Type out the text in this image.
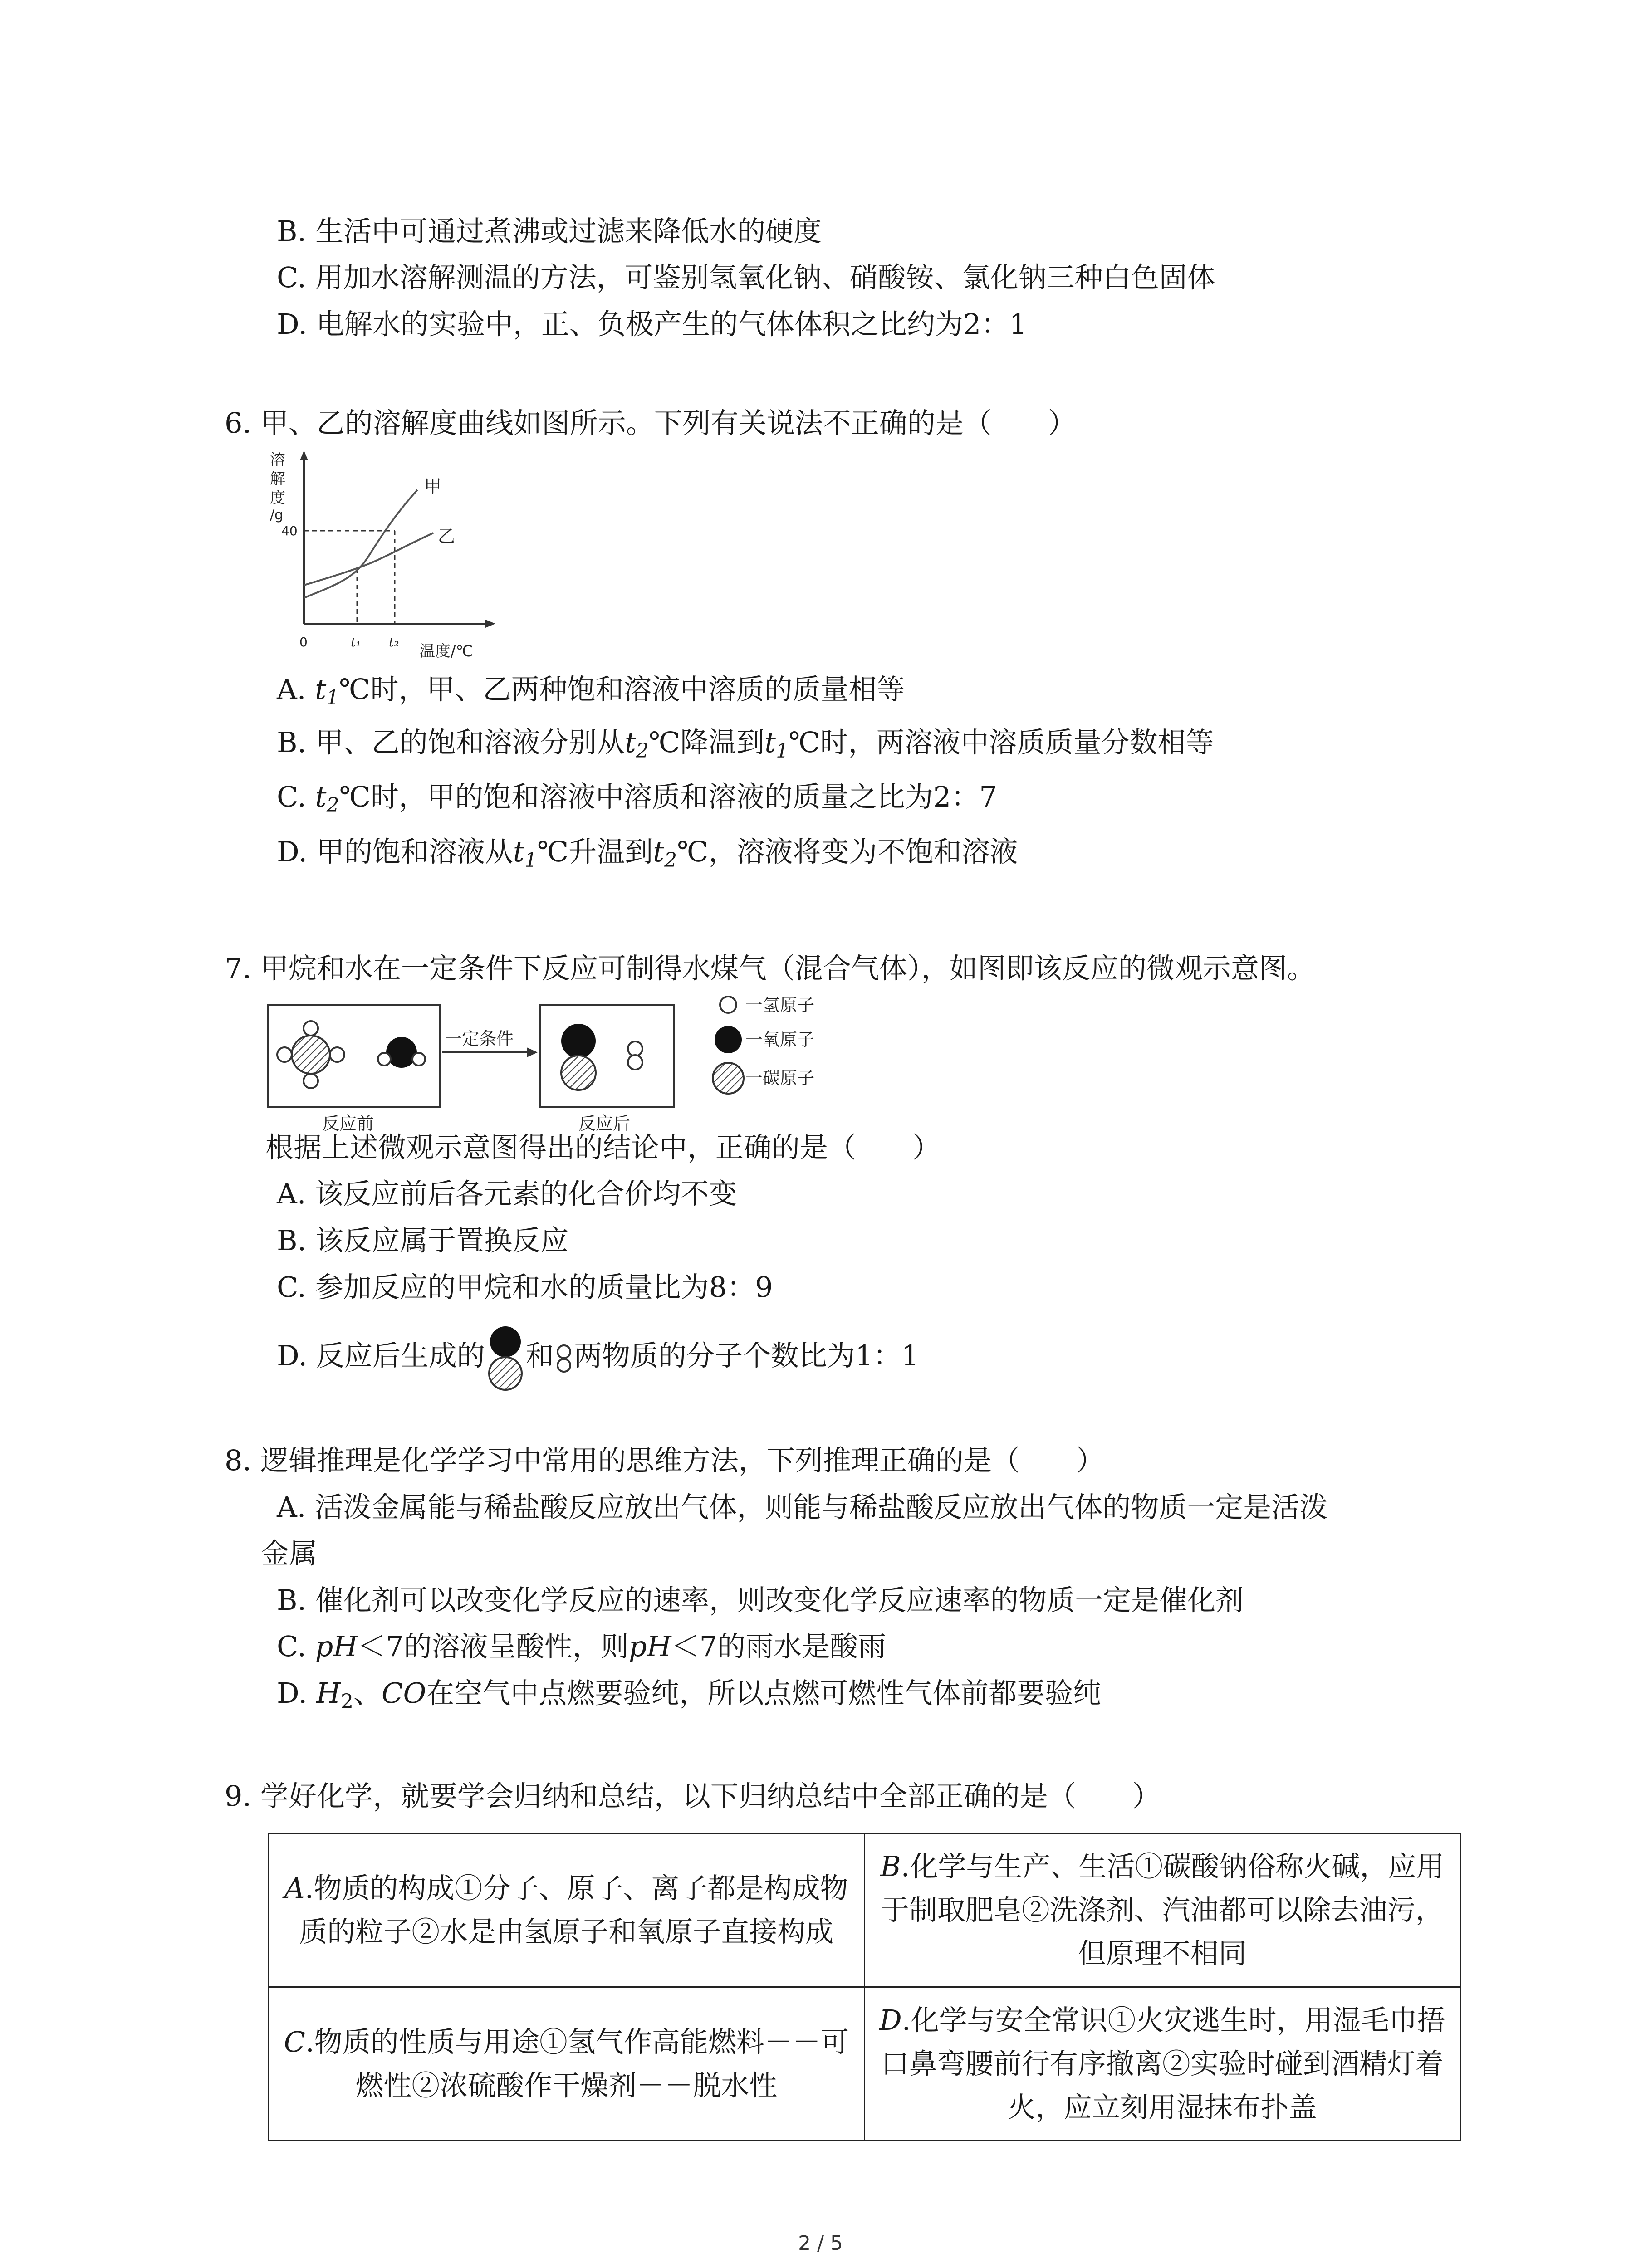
B. 生活中可通过煮沸或过滤来降低水的硬度
C. 用加水溶解测温的方法，可鉴别氢氧化钠、硝酸铵、氯化钠三种白色固体
D. 电解水的实验中，正、负极产生的气体体积之比约为2：1
6. 甲、乙的溶解度曲线如图所示。下列有关说法不正确的是（　　）
溶
解
度
/g
40
0	t₁ t₂
温度/℃
甲
乙
A. $t_1℃$时，甲、乙两种饱和溶液中溶质的质量相等
B. 甲、乙的饱和溶液分别从$t_2℃$降温到$t_1℃$时，两溶液中溶质质量分数相等
C. $t_2℃$时，甲的饱和溶液中溶质和溶液的质量之比为2：7
D. 甲的饱和溶液从$t_1℃$升温到$t_2℃$，溶液将变为不饱和溶液
7. 甲烷和水在一定条件下反应可制得水煤气（混合气体），如图即该反应的微观示意图。
一定条件
反应前	反应后
一氢原子
一氧原子
一碳原子
根据上述微观示意图得出的结论中，正确的是（　　）
A. 该反应前后各元素的化合价均不变
B. 该反应属于置换反应
C. 参加反应的甲烷和水的质量比为8：9
D. 反应后生成的 和 两物质的分子个数比为1：1
8. 逻辑推理是化学学习中常用的思维方法，下列推理正确的是（　　）
A. 活泼金属能与稀盐酸反应放出气体，则能与稀盐酸反应放出气体的物质一定是活泼
金属
B. 催化剂可以改变化学反应的速率，则改变化学反应速率的物质一定是催化剂
C. pH＜7的溶液呈酸性，则pH＜7的雨水是酸雨
D. $H_2$、CO在空气中点燃要验纯，所以点燃可燃性气体前都要验纯
9. 学好化学，就要学会归纳和总结，以下归纳总结中全部正确的是（　　）
A.物质的构成①分子、原子、离子都是构成物质的粒子②水是由氢原子和氧原子直接构成	B.化学与生产、生活①碳酸钠俗称火碱，应用于制取肥皂②洗涤剂、汽油都可以除去油污，但原理不相同
C.物质的性质与用途①氢气作高能燃料－－可燃性②浓硫酸作干燥剂－－脱水性	D.化学与安全常识①火灾逃生时，用湿毛巾捂口鼻弯腰前行有序撤离②实验时碰到酒精灯着火，应立刻用湿抹布扑盖
2 / 5
